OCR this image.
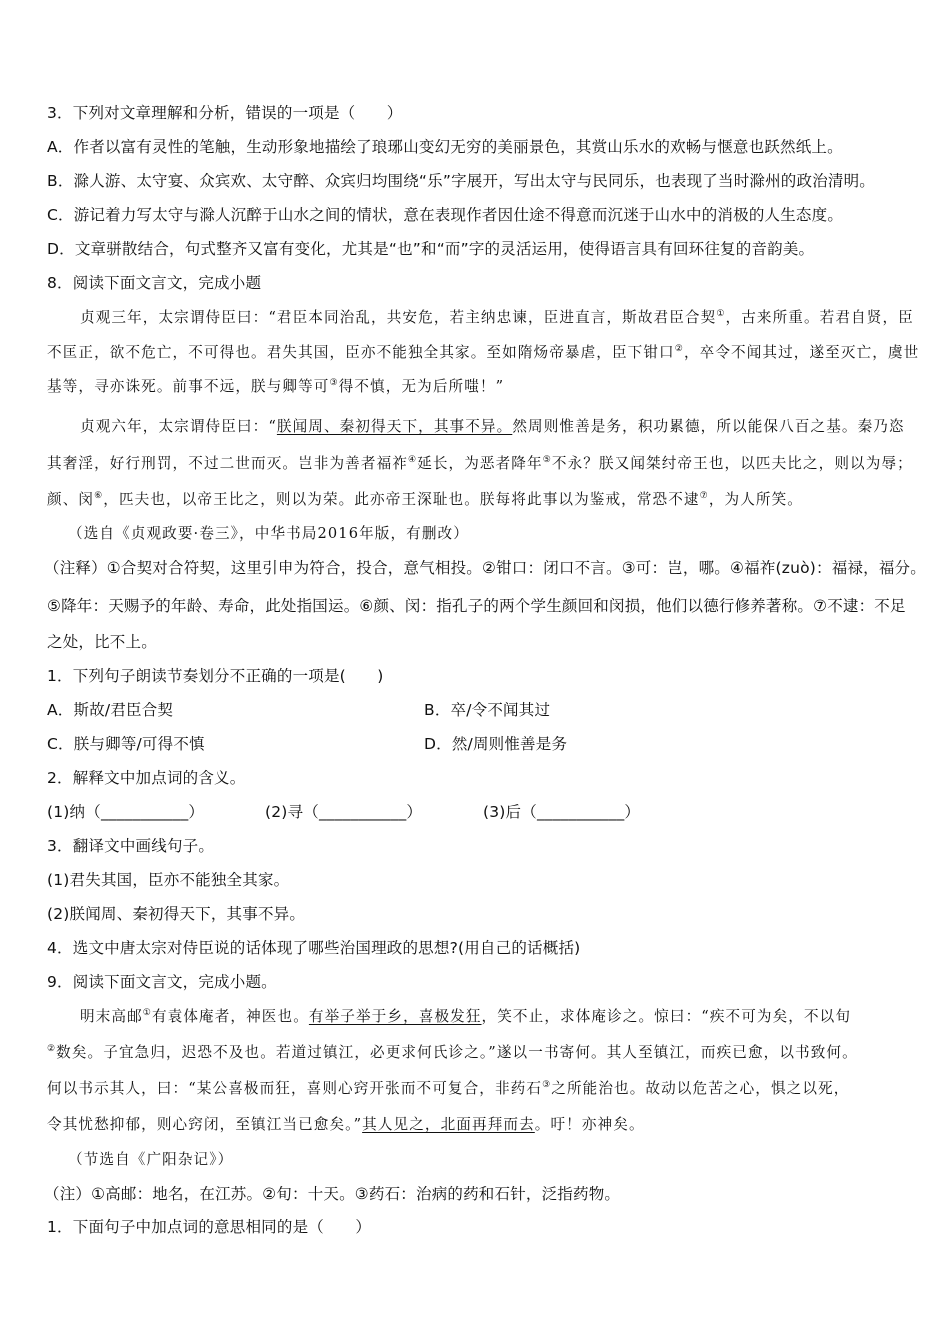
3．下列对文章理解和分析，错误的一项是（　　）
A．作者以富有灵性的笔触，生动形象地描绘了琅琊山变幻无穷的美丽景色，其赏山乐水的欢畅与惬意也跃然纸上。
B．滁人游、太守宴、众宾欢、太守醉、众宾归均围绕“乐”字展开，写出太守与民同乐，也表现了当时滁州的政治清明。
C．游记着力写太守与滁人沉醉于山水之间的情状，意在表现作者因仕途不得意而沉迷于山水中的消极的人生态度。
D．文章骈散结合，句式整齐又富有变化，尤其是“也”和“而”字的灵活运用，使得语言具有回环往复的音韵美。
8．阅读下面文言文，完成小题
贞观三年，太宗谓侍臣曰：“君臣本同治乱，共安危，若主纳忠谏，臣进直言，斯故君臣合契①，古来所重。若君自贤，臣
不匡正，欲不危亡，不可得也。君失其国，臣亦不能独全其家。至如隋炀帝暴虐，臣下钳口②，卒令不闻其过，遂至灭亡，虞世
基等，寻亦诛死。前事不远，朕与卿等可③得不慎，无为后所嗤！”
贞观六年，太宗谓侍臣曰：“朕闻周、秦初得天下，其事不异。然周则惟善是务，积功累德，所以能保八百之基。秦乃恣
其奢淫，好行刑罚，不过二世而灭。岂非为善者福祚④延长，为恶者降年⑤不永？朕又闻桀纣帝王也，以匹夫比之，则以为辱；
颜、闵⑥，匹夫也，以帝王比之，则以为荣。此亦帝王深耻也。朕每将此事以为鉴戒，常恐不逮⑦，为人所笑。
（选自《贞观政要·卷三》，中华书局2016年版，有删改）
（注释）①合契对合符契，这里引申为符合，投合，意气相投。②钳口：闭口不言。③可：岂，哪。④福祚(zuò)：福禄，福分。
⑤降年：天赐予的年龄、寿命，此处指国运。⑥颜、闵：指孔子的两个学生颜回和闵损，他们以德行修养著称。⑦不逮：不足
之处，比不上。
1．下列句子朗读节奏划分不正确的一项是(　　)
A．斯故/君臣合契	B．卒/令不闻其过
C．朕与卿等/可得不慎	D．然/周则惟善是务
2．解释文中加点词的含义。
(1)纳（___________）	(2)寻（___________）	(3)后（___________）
3．翻译文中画线句子。
(1)君失其国，臣亦不能独全其家。
(2)朕闻周、秦初得天下，其事不异。
4．选文中唐太宗对侍臣说的话体现了哪些治国理政的思想?(用自己的话概括)
9．阅读下面文言文，完成小题。
明末高邮①有袁体庵者，神医也。有举子举于乡，喜极发狂，笑不止，求体庵诊之。惊曰：“疾不可为矣，不以旬
②数矣。子宜急归，迟恐不及也。若道过镇江，必更求何氏诊之。”遂以一书寄何。其人至镇江，而疾已愈，以书致何。
何以书示其人，曰：“某公喜极而狂，喜则心窍开张而不可复合，非药石③之所能治也。故动以危苦之心，惧之以死，
令其忧愁抑郁，则心窍闭，至镇江当已愈矣。”其人见之，北面再拜而去。吁！亦神矣。
（节选自《广阳杂记》）
（注）①高邮：地名，在江苏。②旬：十天。③药石：治病的药和石针，泛指药物。
1．下面句子中加点词的意思相同的是（　　）
